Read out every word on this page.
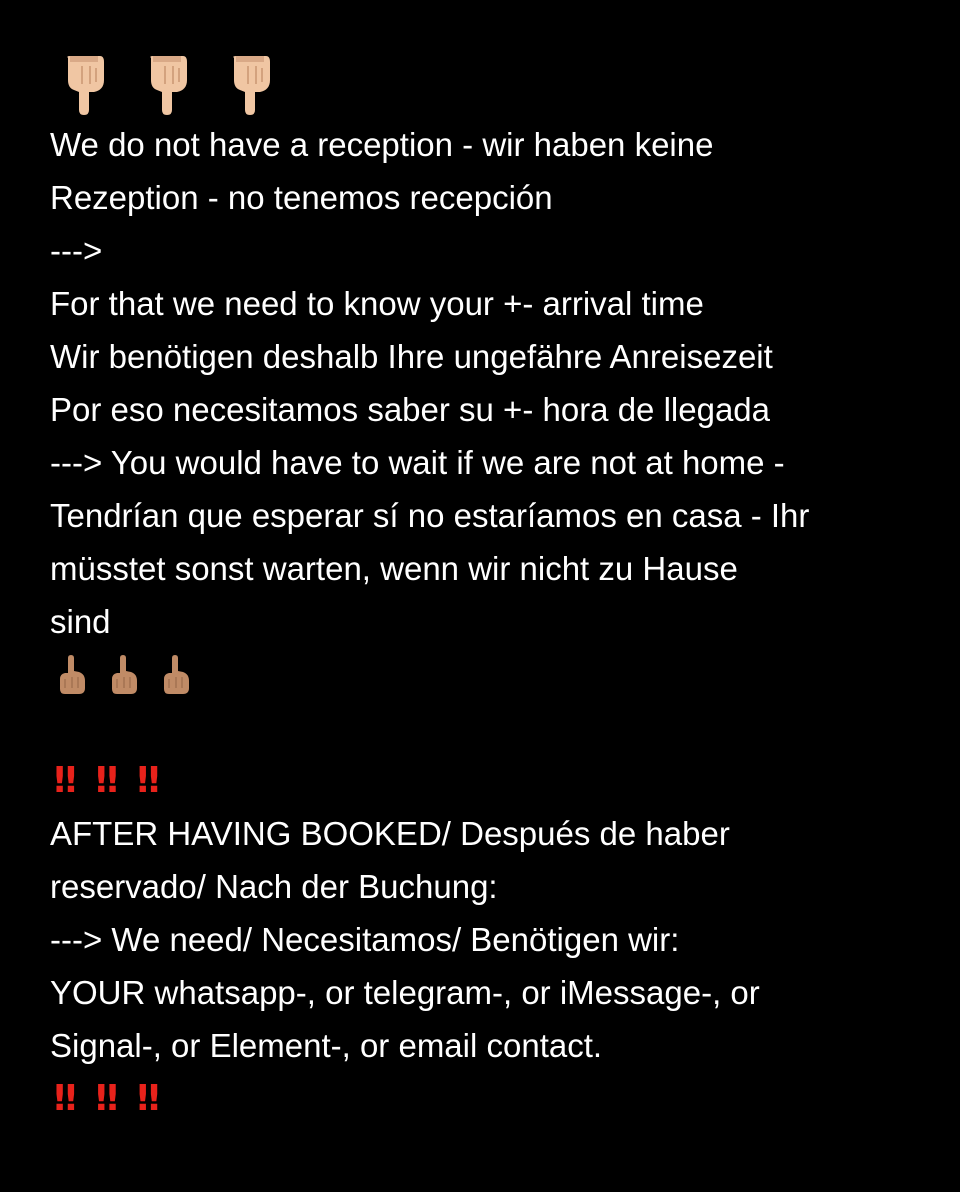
We do not have a reception - wir haben keine
Rezeption - no tenemos recepción
--->
For that we need to know your +- arrival time
Wir benötigen deshalb Ihre ungefähre Anreisezeit
Por eso necesitamos saber su +- hora de llegada
---> You would have to wait if we are not at home -
Tendrían que esperar sí no estaríamos en casa - Ihr
müsstet sonst warten, wenn wir nicht zu Hause
sind
‼ ‼ ‼
AFTER HAVING BOOKED/ Después de haber
reservado/ Nach der Buchung:
---> We need/ Necesitamos/ Benötigen wir:
YOUR whatsapp-, or telegram-, or iMessage-, or
Signal-, or Element-, or email contact.
‼ ‼ ‼
